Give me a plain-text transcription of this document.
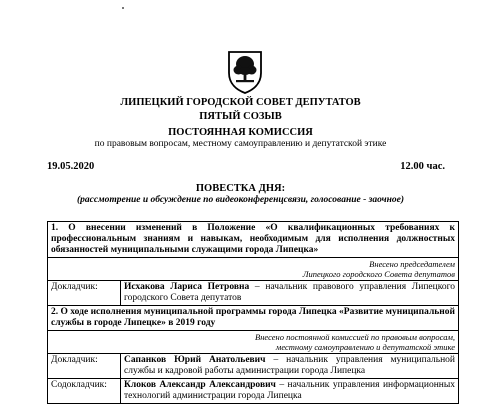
ЛИПЕЦКИЙ ГОРОДСКОЙ СОВЕТ ДЕПУТАТОВ
ПЯТЫЙ СОЗЫВ
ПОСТОЯННАЯ КОМИССИЯ
по правовым вопросам, местному самоуправлению и депутатской этике
19.05.2020	12.00 час.
ПОВЕСТКА ДНЯ:
(рассмотрение и обсуждение по видеоконференцсвязи, голосование - заочное)
1. О внесении изменений в Положение «О квалификационных требованиях к профессиональным знаниям и навыкам, необходимым для исполнения должностных обязанностей муниципальными служащими города Липецка»	

Внесено председателем
Липецкого городского Совета депутатов	

Докладчик:	Исхакова Лариса Петровна – начальник правового управления Липецкого городского Совета депутатов
2. О ходе исполнения муниципальной программы города Липецка «Развитие муниципальной службы в городе Липецке» в 2019 году	

Внесено постоянной комиссией по правовым вопросам,
местному самоуправлению и депутатской этике	

Докладчик:	Сапанков Юрий Анатольевич – начальник управления муниципальной службы и кадровой работы администрации города Липецка
Содокладчик:	Клоков Александр Александрович – начальник управления информационных технологий администрации города Липецка
